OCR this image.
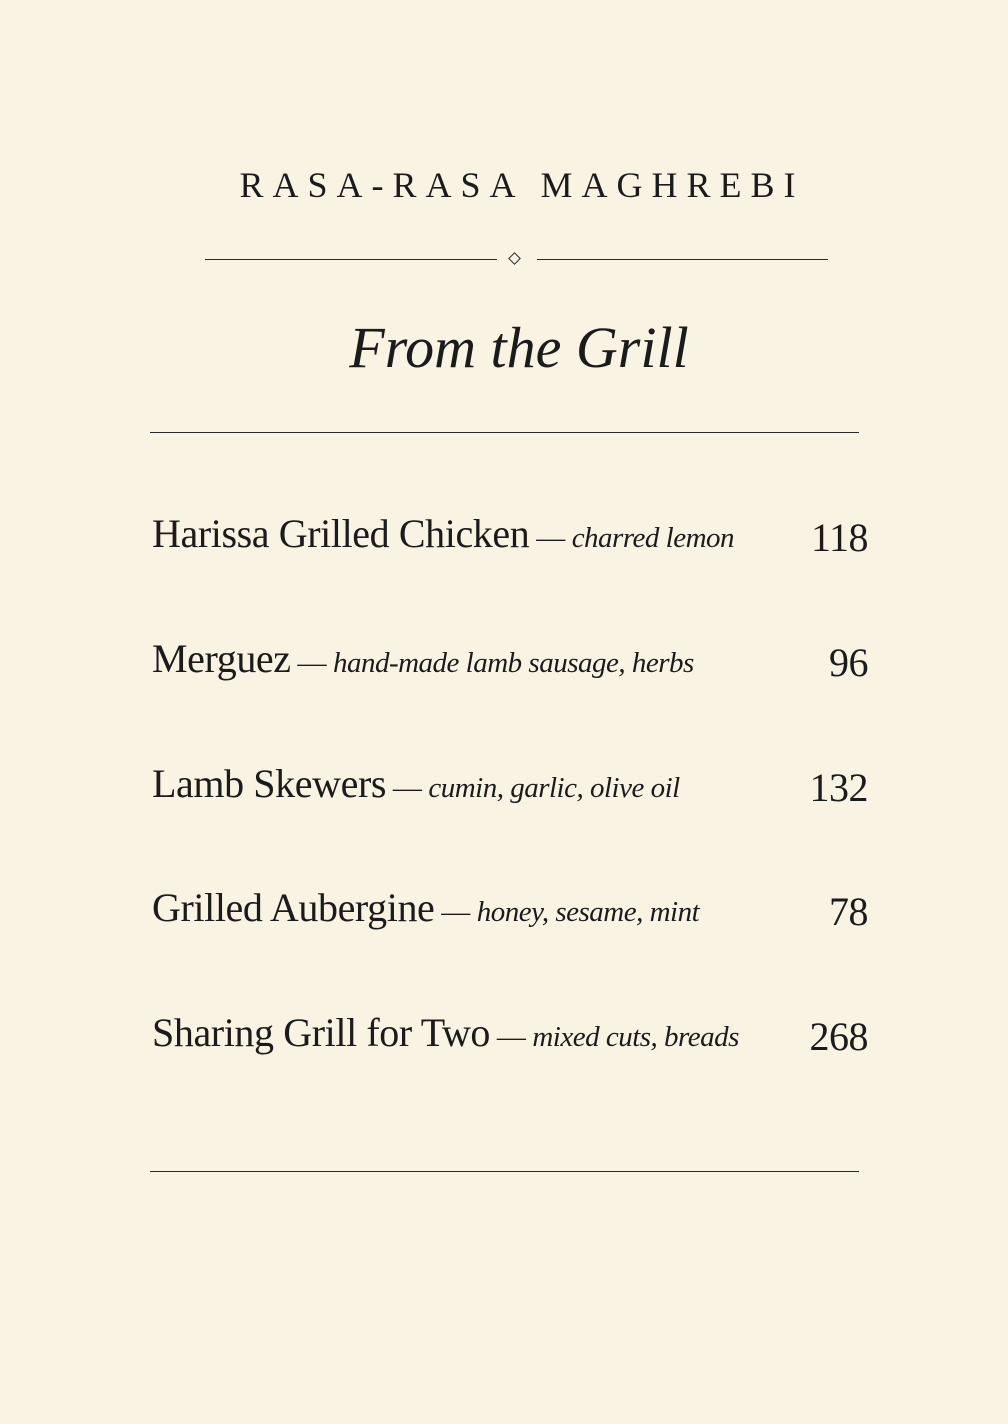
RASA-RASA MAGHREBI
From the Grill
Harissa Grilled Chicken — charred lemon 118
Merguez — hand-made lamb sausage, herbs	96
Lamb Skewers — cumin, garlic, olive oil	132
Grilled Aubergine — honey, sesame, mint	78
Sharing Grill for Two — mixed cuts, breads 268
